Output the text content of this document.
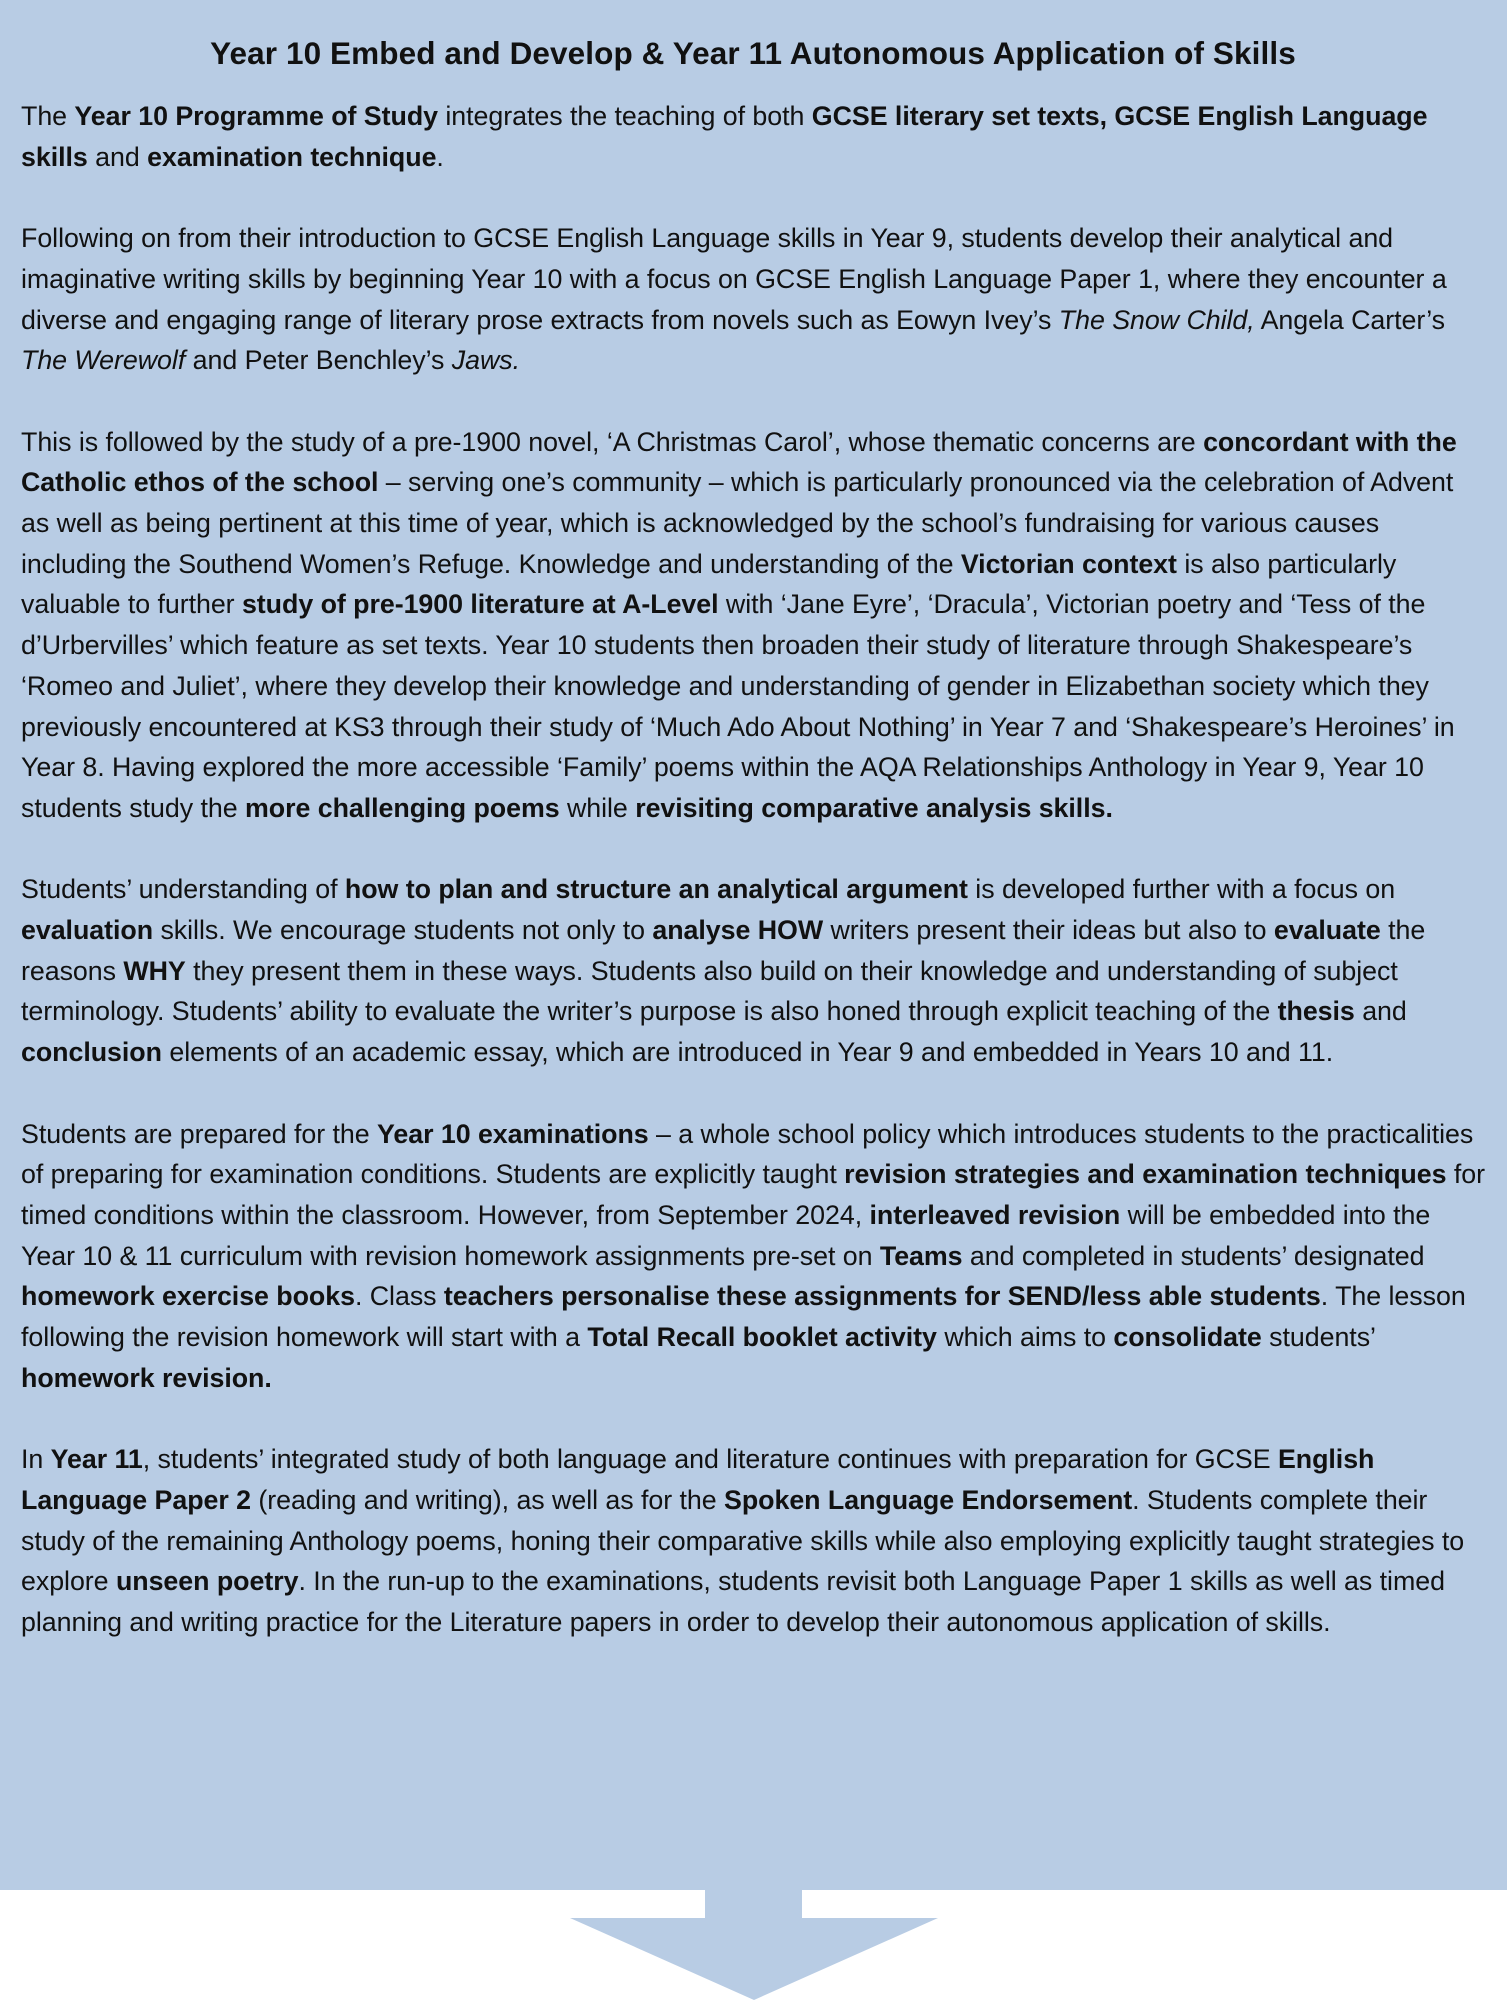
Year 10 Embed and Develop & Year 11 Autonomous Application of Skills

The Year 10 Programme of Study integrates the teaching of both GCSE literary set texts, GCSE English Language skills and examination technique.

Following on from their introduction to GCSE English Language skills in Year 9, students develop their analytical and imaginative writing skills by beginning Year 10 with a focus on GCSE English Language Paper 1, where they encounter a diverse and engaging range of literary prose extracts from novels such as Eowyn Ivey’s The Snow Child, Angela Carter’s The Werewolf and Peter Benchley’s Jaws.

This is followed by the study of a pre-1900 novel, ‘A Christmas Carol’, whose thematic concerns are concordant with the Catholic ethos of the school – serving one’s community – which is particularly pronounced via the celebration of Advent as well as being pertinent at this time of year, which is acknowledged by the school’s fundraising for various causes including the Southend Women’s Refuge. Knowledge and understanding of the Victorian context is also particularly valuable to further study of pre-1900 literature at A-Level with ‘Jane Eyre’, ‘Dracula’, Victorian poetry and ‘Tess of the d’Urbervilles’ which feature as set texts. Year 10 students then broaden their study of literature through Shakespeare’s ‘Romeo and Juliet’, where they develop their knowledge and understanding of gender in Elizabethan society which they previously encountered at KS3 through their study of ‘Much Ado About Nothing’ in Year 7 and ‘Shakespeare’s Heroines’ in Year 8. Having explored the more accessible ‘Family’ poems within the AQA Relationships Anthology in Year 9, Year 10 students study the more challenging poems while revisiting comparative analysis skills.

Students’ understanding of how to plan and structure an analytical argument is developed further with a focus on evaluation skills. We encourage students not only to analyse HOW writers present their ideas but also to evaluate the reasons WHY they present them in these ways. Students also build on their knowledge and understanding of subject terminology. Students’ ability to evaluate the writer’s purpose is also honed through explicit teaching of the thesis and conclusion elements of an academic essay, which are introduced in Year 9 and embedded in Years 10 and 11.

Students are prepared for the Year 10 examinations – a whole school policy which introduces students to the practicalities of preparing for examination conditions. Students are explicitly taught revision strategies and examination techniques for timed conditions within the classroom. However, from September 2024, interleaved revision will be embedded into the Year 10 & 11 curriculum with revision homework assignments pre-set on Teams and completed in students’ designated homework exercise books. Class teachers personalise these assignments for SEND/less able students. The lesson following the revision homework will start with a Total Recall booklet activity which aims to consolidate students’ homework revision.

In Year 11, students’ integrated study of both language and literature continues with preparation for GCSE English Language Paper 2 (reading and writing), as well as for the Spoken Language Endorsement. Students complete their study of the remaining Anthology poems, honing their comparative skills while also employing explicitly taught strategies to explore unseen poetry. In the run-up to the examinations, students revisit both Language Paper 1 skills as well as timed planning and writing practice for the Literature papers in order to develop their autonomous application of skills.
